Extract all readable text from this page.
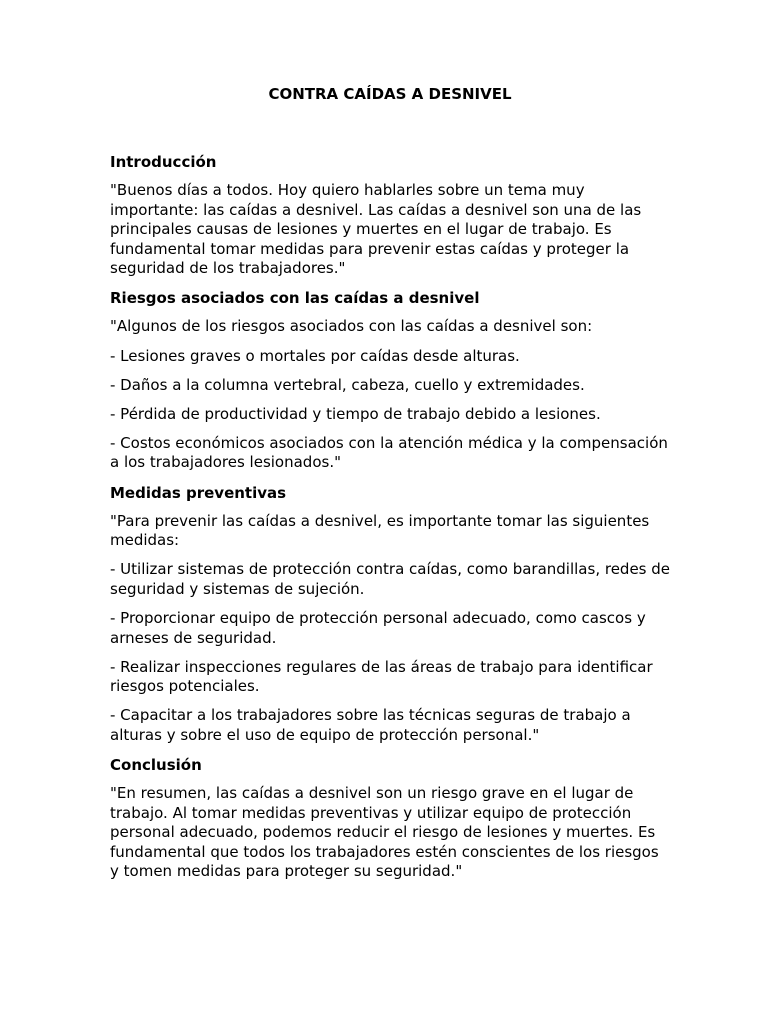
CONTRA CAÍDAS A DESNIVEL
Introducción
"Buenos días a todos. Hoy quiero hablarles sobre un tema muy importante: las caídas a desnivel. Las caídas a desnivel son una de las principales causas de lesiones y muertes en el lugar de trabajo. Es fundamental tomar medidas para prevenir estas caídas y proteger la seguridad de los trabajadores."
Riesgos asociados con las caídas a desnivel
"Algunos de los riesgos asociados con las caídas a desnivel son:
- Lesiones graves o mortales por caídas desde alturas.
- Daños a la columna vertebral, cabeza, cuello y extremidades.
- Pérdida de productividad y tiempo de trabajo debido a lesiones.
- Costos económicos asociados con la atención médica y la compensación a los trabajadores lesionados."
Medidas preventivas
"Para prevenir las caídas a desnivel, es importante tomar las siguientes medidas:
- Utilizar sistemas de protección contra caídas, como barandillas, redes de seguridad y sistemas de sujeción.
- Proporcionar equipo de protección personal adecuado, como cascos y arneses de seguridad.
- Realizar inspecciones regulares de las áreas de trabajo para identificar riesgos potenciales.
- Capacitar a los trabajadores sobre las técnicas seguras de trabajo a alturas y sobre el uso de equipo de protección personal."
Conclusión
"En resumen, las caídas a desnivel son un riesgo grave en el lugar de trabajo. Al tomar medidas preventivas y utilizar equipo de protección personal adecuado, podemos reducir el riesgo de lesiones y muertes. Es fundamental que todos los trabajadores estén conscientes de los riesgos y tomen medidas para proteger su seguridad."
